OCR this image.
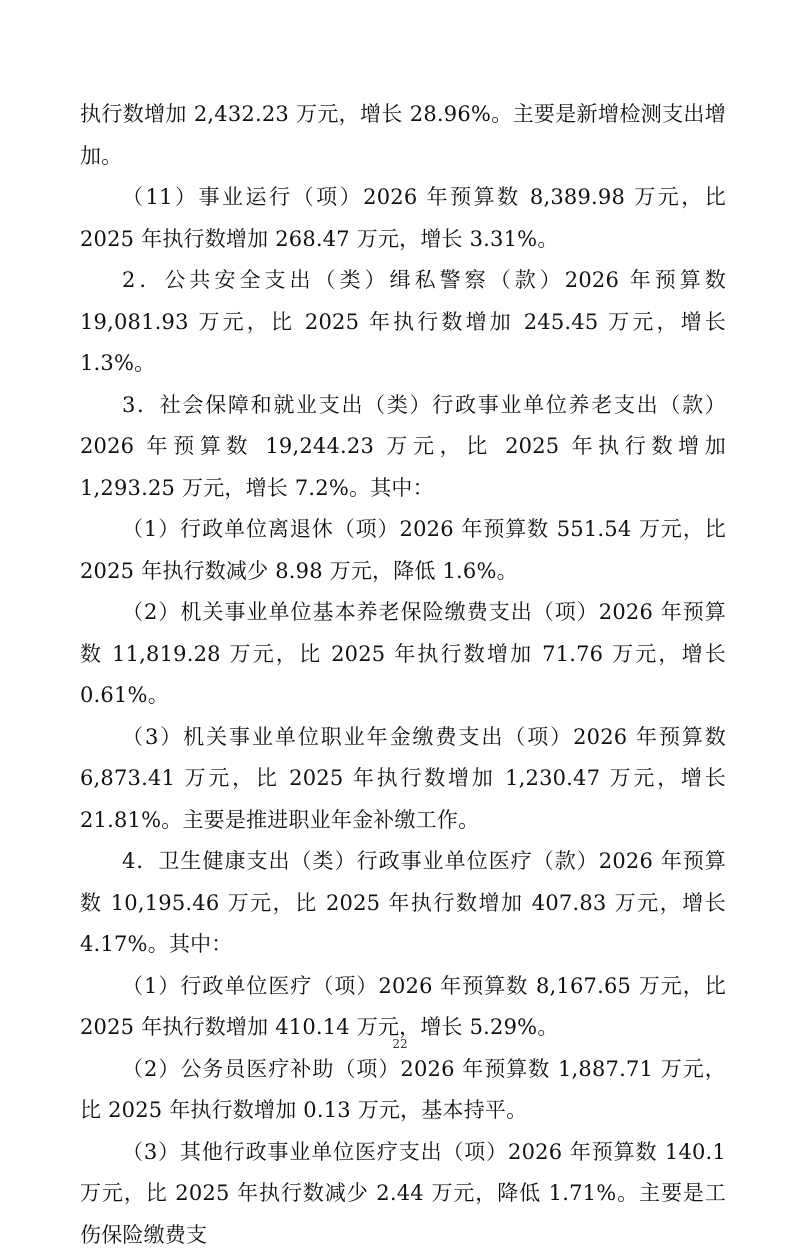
执行数增加 2,432.23 万元，增长 28.96%。主要是新增检测支出增加。

（11）事业运行（项）2026 年预算数 8,389.98 万元，比 2025 年执行数增加 268.47 万元，增长 3.31%。

2．公共安全支出（类）缉私警察（款）2026 年预算数 19,081.93 万元，比 2025 年执行数增加 245.45 万元，增长 1.3%。

3．社会保障和就业支出（类）行政事业单位养老支出（款）2026 年预算数 19,244.23 万元，比 2025 年执行数增加 1,293.25 万元，增长 7.2%。其中：

（1）行政单位离退休（项）2026 年预算数 551.54 万元，比 2025 年执行数减少 8.98 万元，降低 1.6%。

（2）机关事业单位基本养老保险缴费支出（项）2026 年预算数 11,819.28 万元，比 2025 年执行数增加 71.76 万元，增长 0.61%。

（3）机关事业单位职业年金缴费支出（项）2026 年预算数 6,873.41 万元，比 2025 年执行数增加 1,230.47 万元，增长 21.81%。主要是推进职业年金补缴工作。

4．卫生健康支出（类）行政事业单位医疗（款）2026 年预算数 10,195.46 万元，比 2025 年执行数增加 407.83 万元，增长 4.17%。其中：

（1）行政单位医疗（项）2026 年预算数 8,167.65 万元，比 2025 年执行数增加 410.14 万元，增长 5.29%。

（2）公务员医疗补助（项）2026 年预算数 1,887.71 万元，比 2025 年执行数增加 0.13 万元，基本持平。

（3）其他行政事业单位医疗支出（项）2026 年预算数 140.1 万元，比 2025 年执行数减少 2.44 万元，降低 1.71%。主要是工伤保险缴费支

22
